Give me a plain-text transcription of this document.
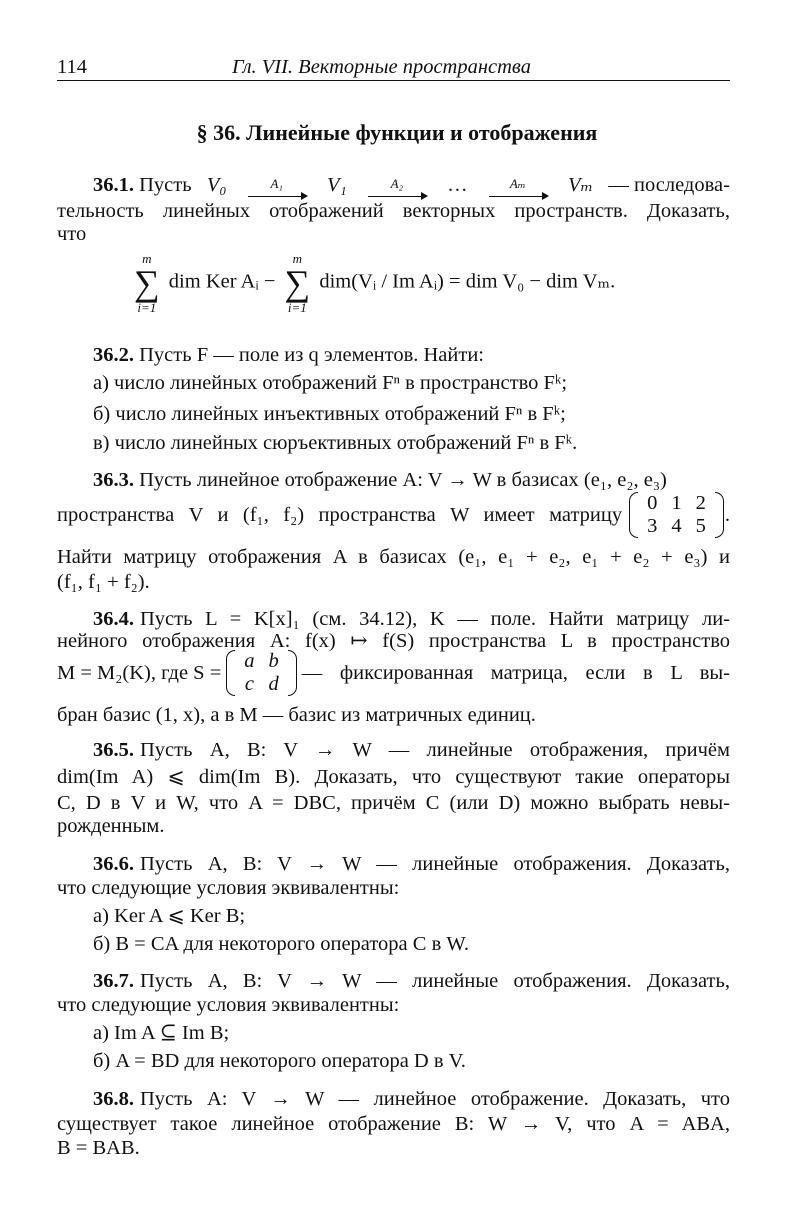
114	Гл. VII. Векторные пространства
§ 36. Линейные функции и отображения
36.1. Пусть V₀	A₁	V₁	A₂	…	Aₘ	Vₘ — последова-
тельность линейных отображений векторных пространств. Доказать,
что
m
∑
i=1
dim Ker Aᵢ −
m
∑
i=1
dim(Vᵢ / Im Aᵢ) = dim V₀ − dim Vₘ.
36.2. Пусть F — поле из q элементов. Найти:
а) число линейных отображений Fⁿ в пространство Fᵏ;
б) число линейных инъективных отображений Fⁿ в Fᵏ;
в) число линейных сюръективных отображений Fⁿ в Fᵏ.
36.3. Пусть линейное отображение A: V → W в базисах (e₁, e₂, e₃)
пространства V и (f₁, f₂) пространства W имеет матрицу
0	1	2
3	4	5
.
Найти матрицу отображения A в базисах (e₁, e₁ + e₂, e₁ + e₂ + e₃) и
(f₁, f₁ + f₂).
36.4. Пусть L = K[x]₁ (см. 34.12), K — поле. Найти матрицу ли-
нейного отображения A: f(x) ↦ f(S) пространства L в пространство
M = M₂(K), где S =
a	b
c	d
— фиксированная матрица, если в L вы-
бран базис (1, x), а в M — базис из матричных единиц.
36.5. Пусть A, B: V → W — линейные отображения, причём
dim(Im A) ⩽ dim(Im B). Доказать, что существуют такие операторы
C, D в V и W, что A = DBC, причём C (или D) можно выбрать невы-
рожденным.
36.6. Пусть A, B: V → W — линейные отображения. Доказать,
что следующие условия эквивалентны:
а) Ker A ⩽ Ker B;
б) B = CA для некоторого оператора C в W.
36.7. Пусть A, B: V → W — линейные отображения. Доказать,
что следующие условия эквивалентны:
а) Im A ⊆ Im B;
б) A = BD для некоторого оператора D в V.
36.8. Пусть A: V → W — линейное отображение. Доказать, что
существует такое линейное отображение B: W → V, что A = ABA,
B = BAB.
